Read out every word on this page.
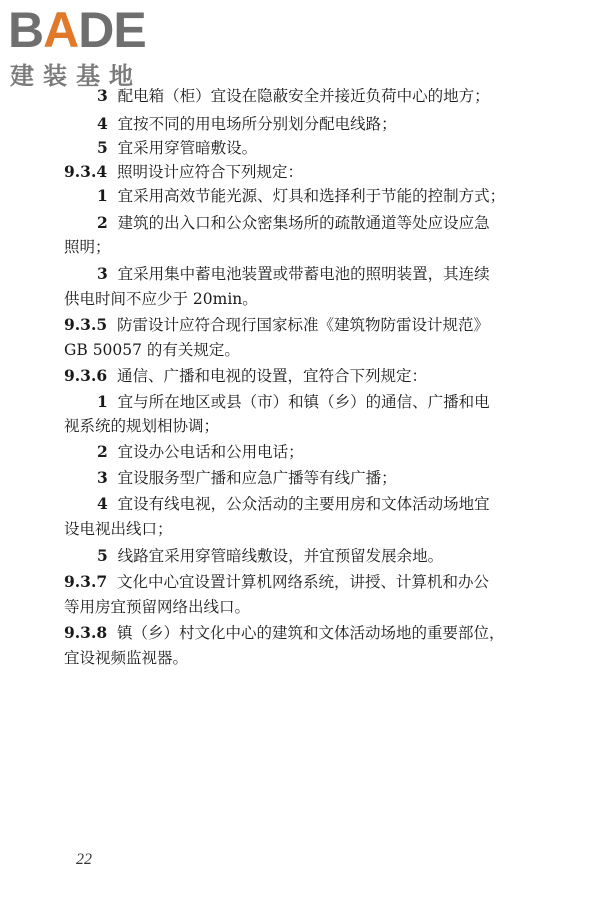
BADE
建装基地
3 配电箱（柜）宜设在隐蔽安全并接近负荷中心的地方；
4 宜按不同的用电场所分别划分配电线路；
5 宜采用穿管暗敷设。
9.3.4 照明设计应符合下列规定：
1 宜采用高效节能光源、灯具和选择利于节能的控制方式；
2 建筑的出入口和公众密集场所的疏散通道等处应设应急
照明；
3 宜采用集中蓄电池装置或带蓄电池的照明装置，其连续
供电时间不应少于 20min。
9.3.5 防雷设计应符合现行国家标准《建筑物防雷设计规范》
GB 50057 的有关规定。
9.3.6 通信、广播和电视的设置，宜符合下列规定：
1 宜与所在地区或县（市）和镇（乡）的通信、广播和电
视系统的规划相协调；
2 宜设办公电话和公用电话；
3 宜设服务型广播和应急广播等有线广播；
4 宜设有线电视，公众活动的主要用房和文体活动场地宜
设电视出线口；
5 线路宜采用穿管暗线敷设，并宜预留发展余地。
9.3.7 文化中心宜设置计算机网络系统，讲授、计算机和办公
等用房宜预留网络出线口。
9.3.8 镇（乡）村文化中心的建筑和文体活动场地的重要部位，
宜设视频监视器。
22
